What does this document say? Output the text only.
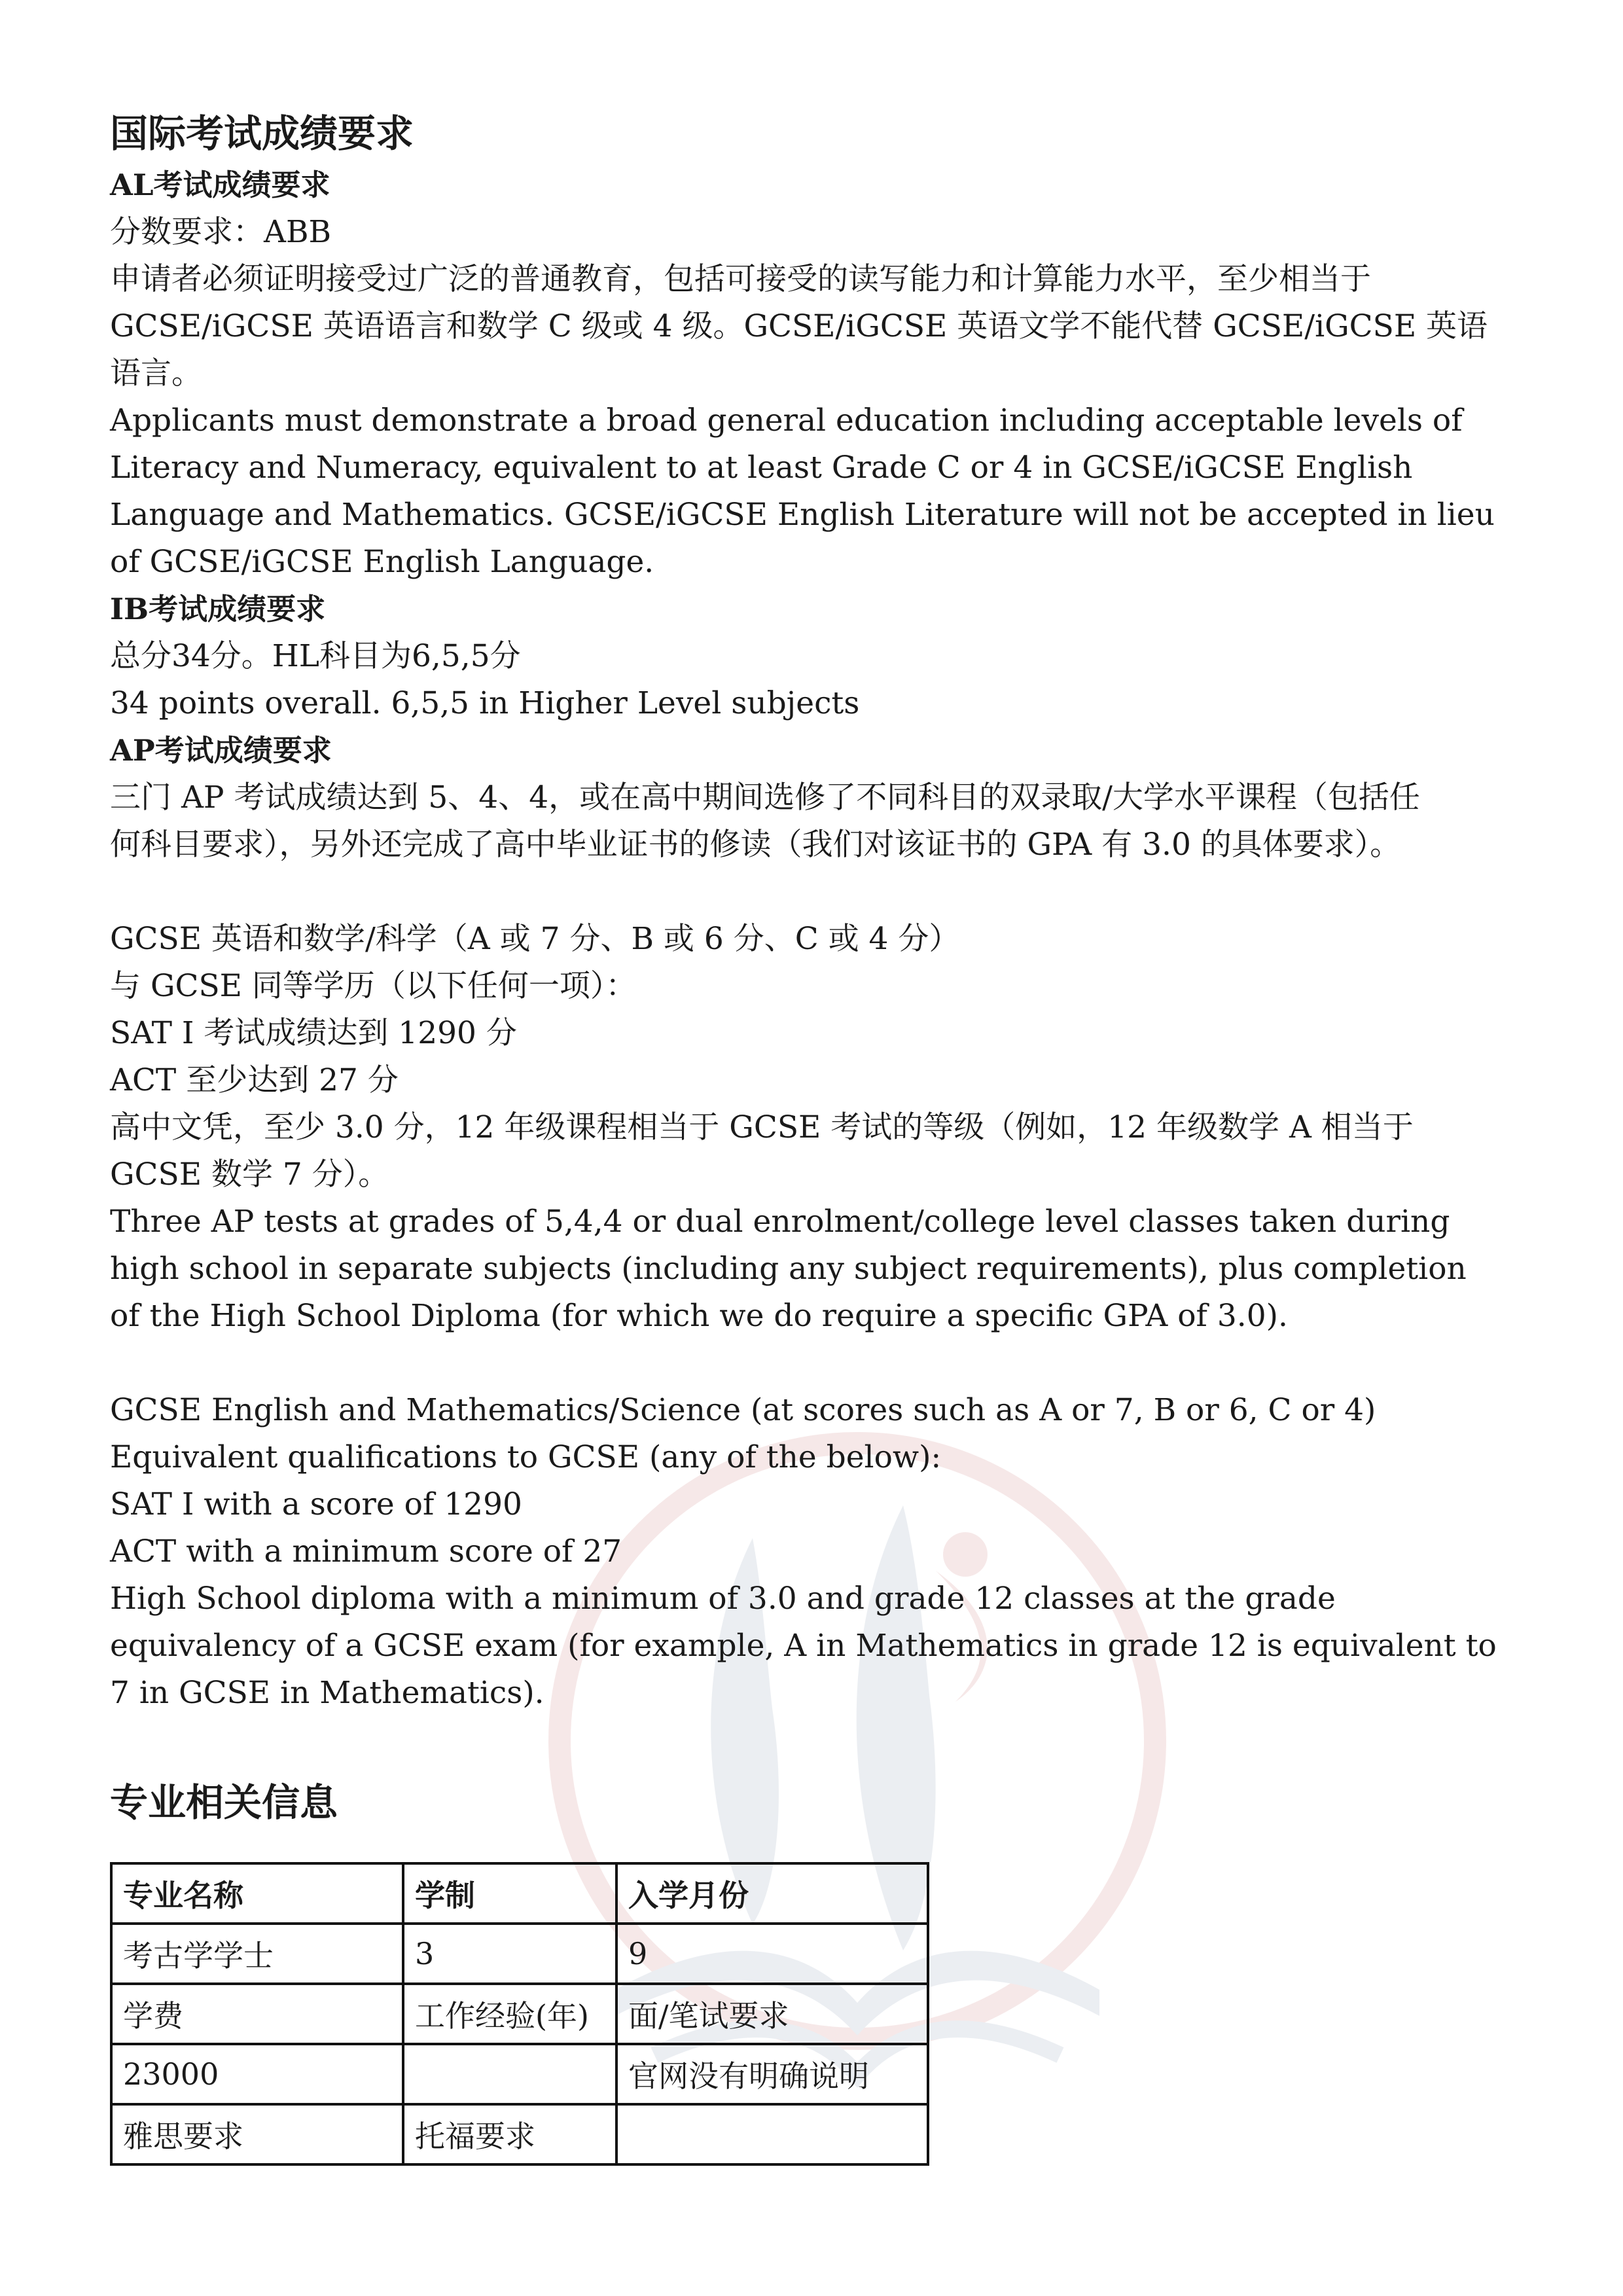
国际考试成绩要求
AL考试成绩要求
分数要求：ABB
申请者必须证明接受过广泛的普通教育，包括可接受的读写能力和计算能力水平，至少相当于
GCSE/iGCSE 英语语言和数学 C 级或 4 级。GCSE/iGCSE 英语文学不能代替 GCSE/iGCSE 英语
语言。
Applicants must demonstrate a broad general education including acceptable levels of
Literacy and Numeracy, equivalent to at least Grade C or 4 in GCSE/iGCSE English
Language and Mathematics. GCSE/iGCSE English Literature will not be accepted in lieu
of GCSE/iGCSE English Language.
IB考试成绩要求
总分34分。HL科目为6,5,5分
34 points overall. 6,5,5 in Higher Level subjects
AP考试成绩要求
三门 AP 考试成绩达到 5、4、4，或在高中期间选修了不同科目的双录取/大学水平课程（包括任
何科目要求），另外还完成了高中毕业证书的修读（我们对该证书的 GPA 有 3.0 的具体要求）。
GCSE 英语和数学/科学（A 或 7 分、B 或 6 分、C 或 4 分）
与 GCSE 同等学历（以下任何一项）：
SAT I 考试成绩达到 1290 分
ACT 至少达到 27 分
高中文凭，至少 3.0 分，12 年级课程相当于 GCSE 考试的等级（例如，12 年级数学 A 相当于
GCSE 数学 7 分）。
Three AP tests at grades of 5,4,4 or dual enrolment/college level classes taken during
high school in separate subjects (including any subject requirements), plus completion
of the High School Diploma (for which we do require a specific GPA of 3.0).
GCSE English and Mathematics/Science (at scores such as A or 7, B or 6, C or 4)
Equivalent qualifications to GCSE (any of the below):
SAT I with a score of 1290
ACT with a minimum score of 27
High School diploma with a minimum of 3.0 and grade 12 classes at the grade
equivalency of a GCSE exam (for example, A in Mathematics in grade 12 is equivalent to
7 in GCSE in Mathematics).
专业相关信息
专业名称	学制	入学月份
考古学学士	3	9
学费	工作经验(年)	面/笔试要求
23000		官网没有明确说明
雅思要求	托福要求	
